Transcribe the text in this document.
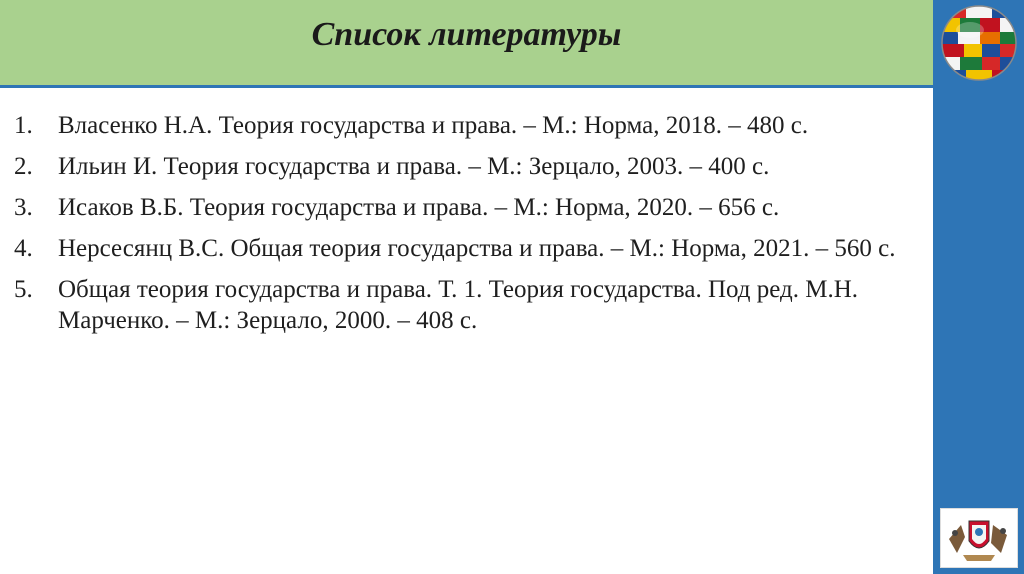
Список литературы
1.	Власенко Н.А. Теория государства и права. – М.: Норма, 2018. – 480 с.
2.	Ильин И. Теория государства и права. – М.: Зерцало, 2003. – 400 с.
3.	Исаков В.Б. Теория государства и права. – М.: Норма, 2020. – 656 с.
4.	Нерсесянц В.С. Общая теория государства и права. – М.: Норма, 2021. – 560 с.
5.	Общая теория государства и права. Т. 1. Теория государства. Под ред. М.Н. Марченко. – М.: Зерцало, 2000. – 408 с.
